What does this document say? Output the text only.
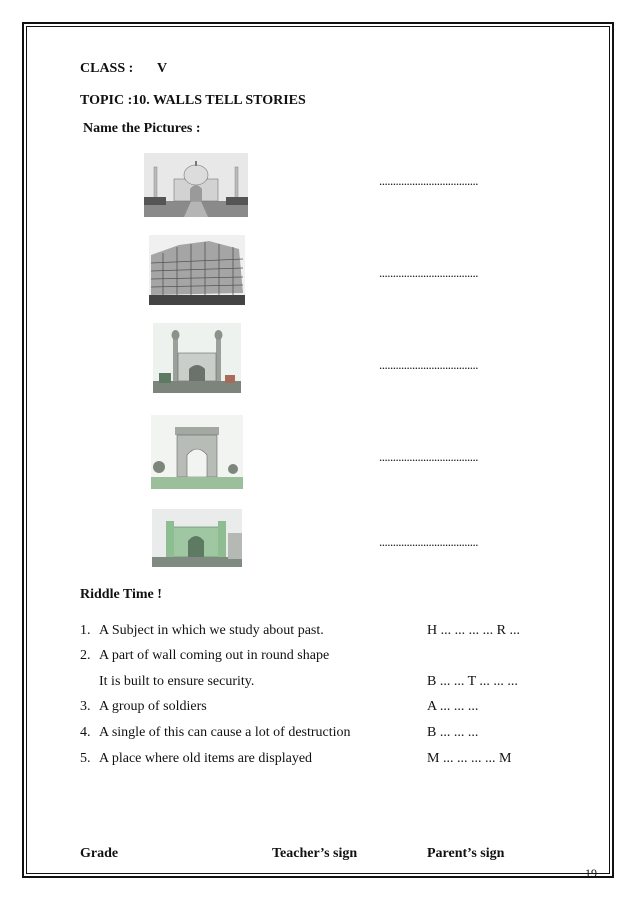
CLASS : V
TOPIC :10. WALLS TELL STORIES
Name the Pictures :
....................................
....................................
....................................
....................................
....................................
Riddle Time !
1. A Subject in which we study about past.	H ... ... ... ... R ...
2. A part of wall coming out in round shape
It is built to ensure security.	B ... ... T ... ... ...
3. A group of soldiers	A ... ... ...
4. A single of this can cause a lot of destruction	B ... ... ...
5. A place where old items are displayed	M ... ... ... ... M
Grade	Teacher’s sign	Parent’s sign
19
